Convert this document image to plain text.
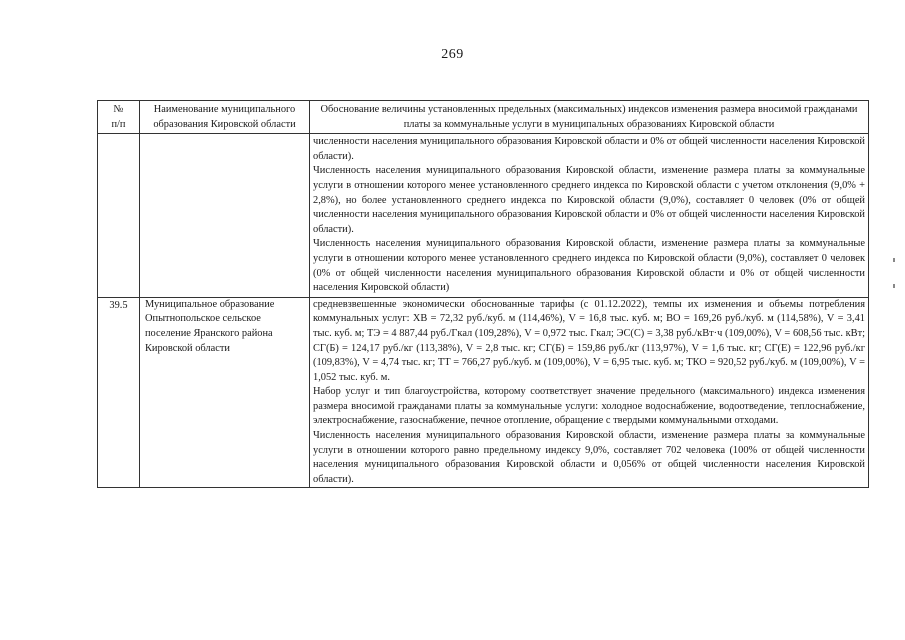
269
№
п/п	Наименование муниципального образования Кировской области	Обоснование величины установленных предельных (максимальных) индексов изменения размера вносимой гражданами платы за коммунальные услуги в муниципальных образованиях Кировской области

		численности населения муниципального образования Кировской области и 0% от общей численности населения Кировской области).

Численность населения муниципального образования Кировской области, изменение размера платы за коммунальные услуги в отношении которого менее установленного среднего индекса по Кировской области с учетом отклонения (9,0% + 2,8%), но более установленного среднего индекса по Кировской области (9,0%), составляет 0 человек (0% от общей численности населения муниципального образования Кировской области и 0% от общей численности населения Кировской области).

Численность населения муниципального образования Кировской области, изменение размера платы за коммунальные услуги в отношении которого менее установленного среднего индекса по Кировской области (9,0%), составляет 0 человек (0% от общей численности населения муниципального образования Кировской области и 0% от общей численности населения Кировской области)

39.5	Муниципальное образование Опытнопольское сельское поселение Яранского района Кировской области	средневзвешенные экономически обоснованные тарифы (с 01.12.2022), темпы их изменения и объемы потребления коммунальных услуг: ХВ = 72,32 руб./куб. м (114,46%), V = 16,8 тыс. куб. м; ВО = 169,26 руб./куб. м (114,58%), V = 3,41 тыс. куб. м; ТЭ = 4 887,44 руб./Гкал (109,28%), V = 0,972 тыс. Гкал; ЭС(С) = 3,38 руб./кВт·ч (109,00%), V = 608,56 тыс. кВт; СГ(Б) = 124,17 руб./кг (113,38%), V = 2,8 тыс. кг; СГ(Б) = 159,86 руб./кг (113,97%), V = 1,6 тыс. кг; СГ(Е) = 122,96 руб./кг (109,83%), V = 4,74 тыс. кг; ТТ = 766,27 руб./куб. м (109,00%), V = 6,95 тыс. куб. м; ТКО = 920,52 руб./куб. м (109,00%), V = 1,052 тыс. куб. м.

Набор услуг и тип благоустройства, которому соответствует значение предельного (максимального) индекса изменения размера вносимой гражданами платы за коммунальные услуги: холодное водоснабжение, водоотведение, теплоснабжение, электроснабжение, газоснабжение, печное отопление, обращение с твердыми коммунальными отходами.

Численность населения муниципального образования Кировской области, изменение размера платы за коммунальные услуги в отношении которого равно предельному индексу 9,0%, составляет 702 человека (100% от общей численности населения муниципального образования Кировской области и 0,056% от общей численности населения Кировской области).
